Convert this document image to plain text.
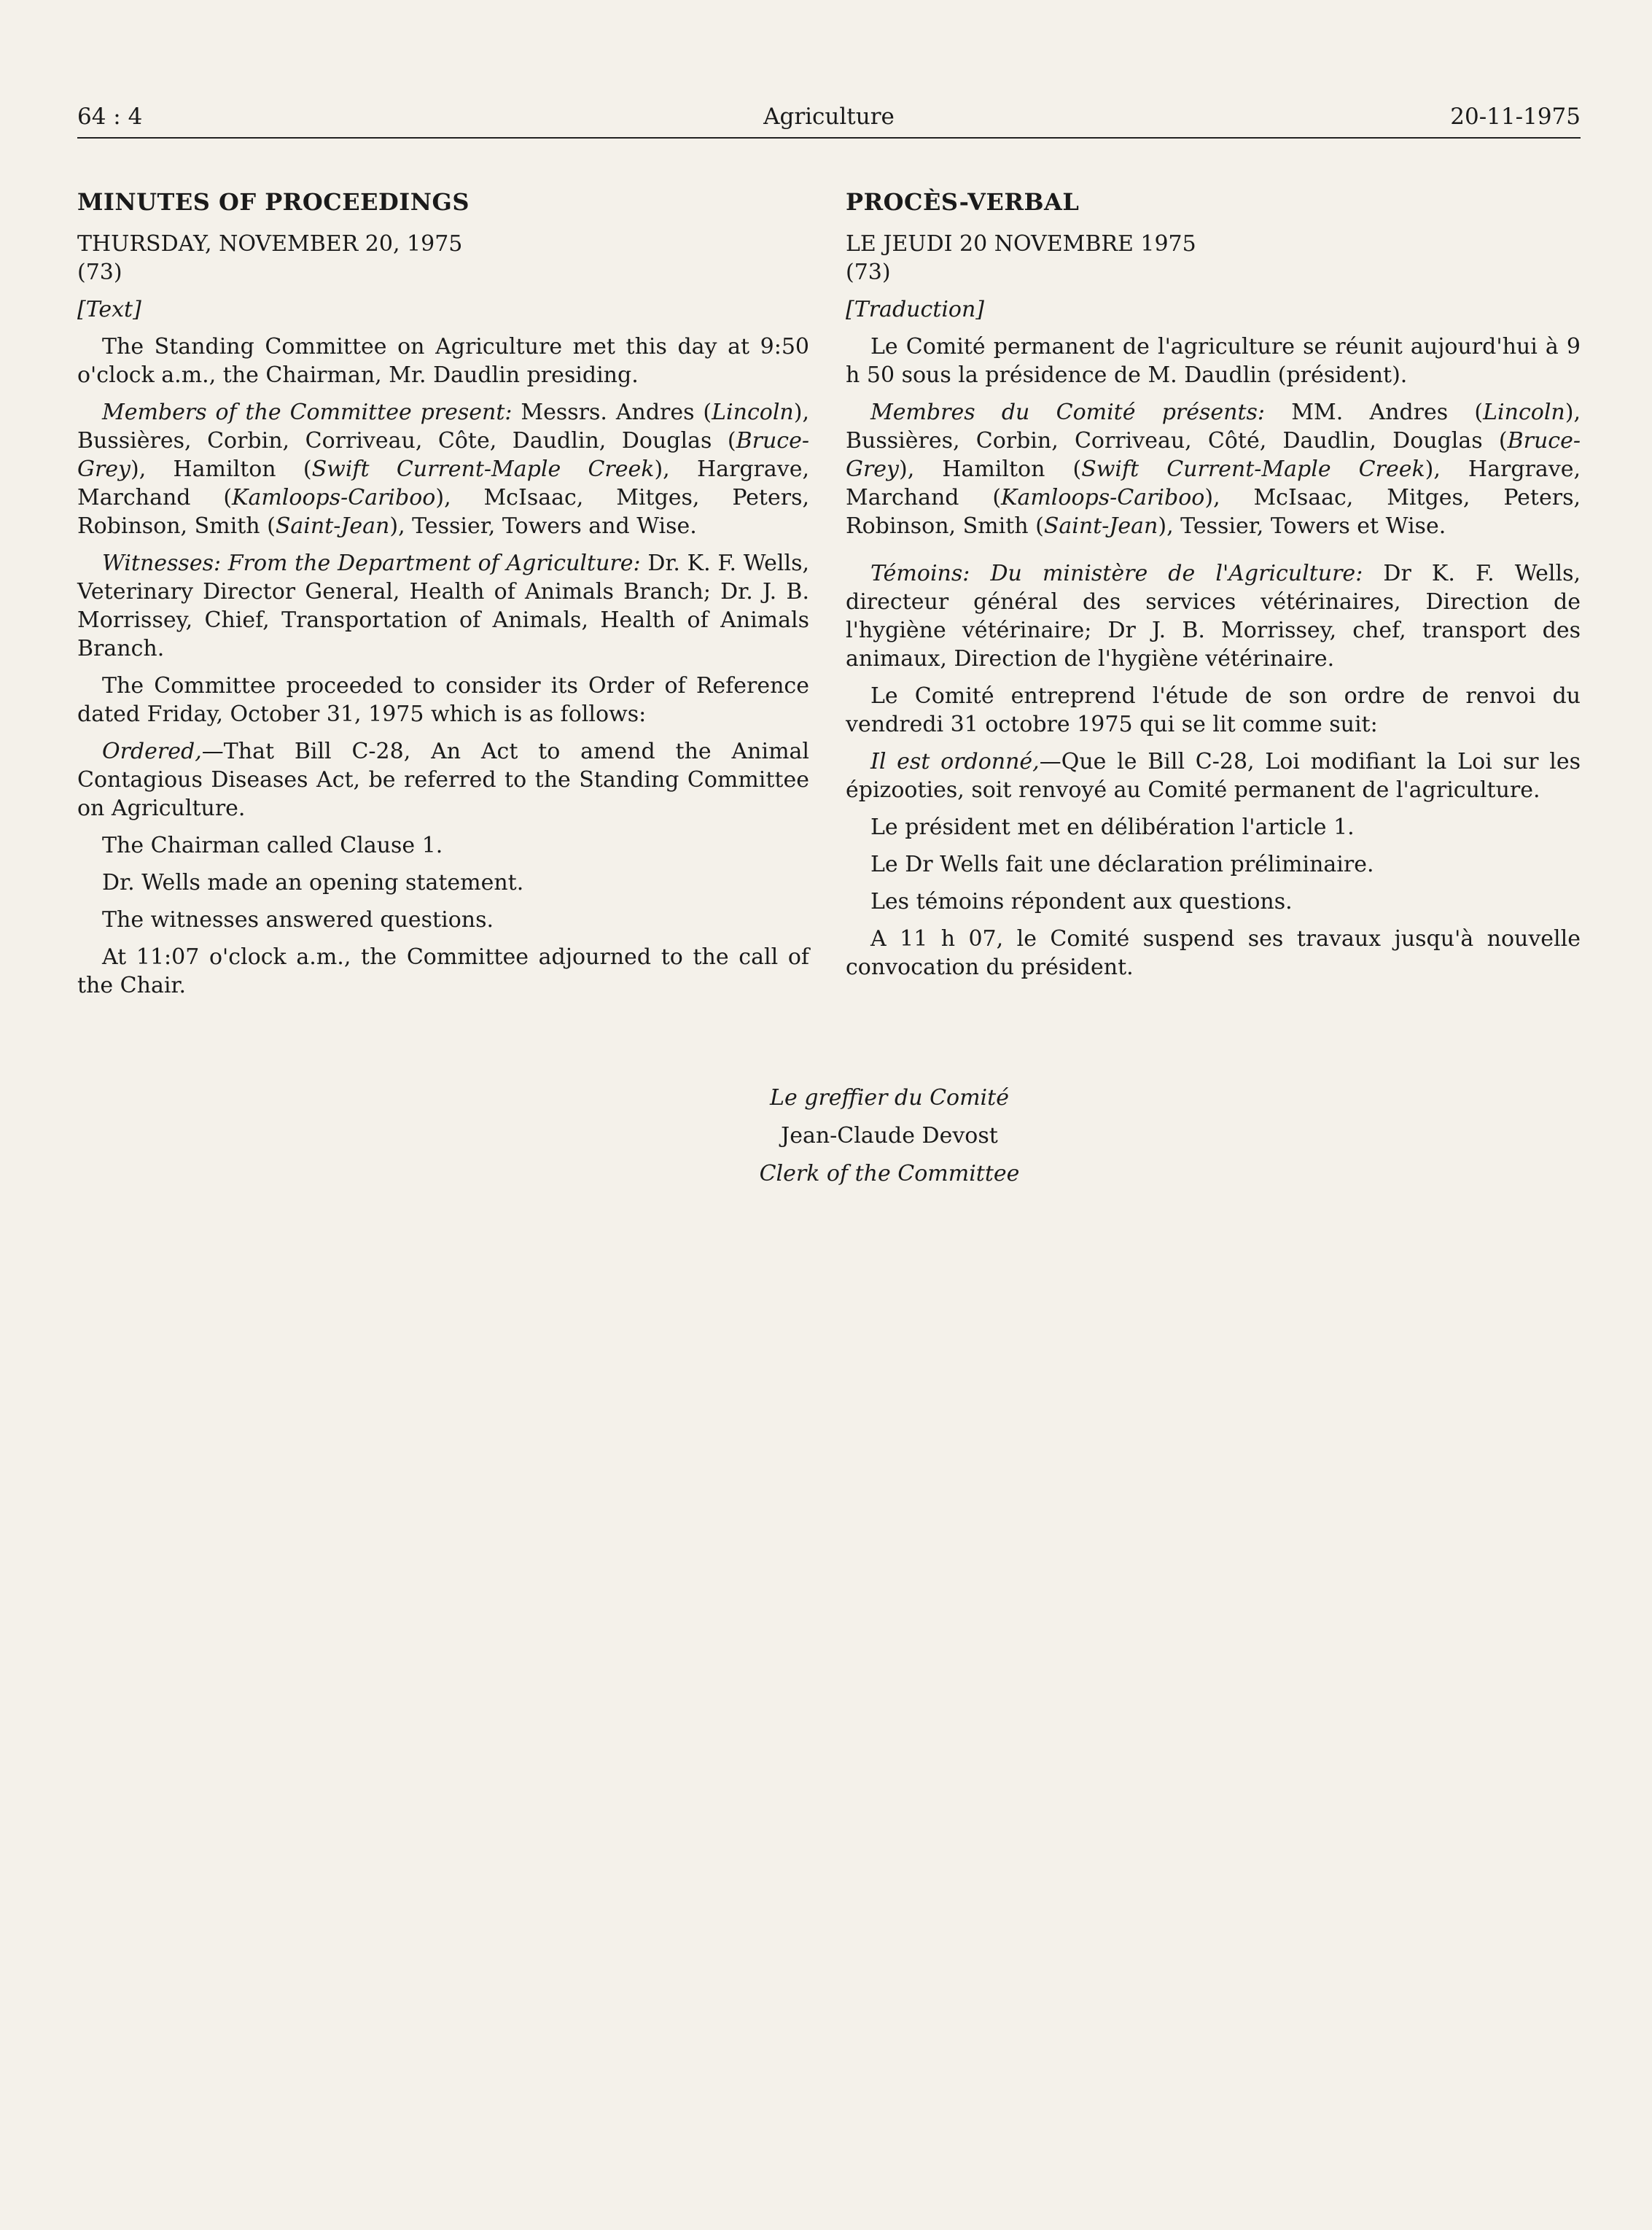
64 : 4	Agriculture	20-11-1975
MINUTES OF PROCEEDINGS
THURSDAY, NOVEMBER 20, 1975
(73)
[Text]

The Standing Committee on Agriculture met this day at 9:50 o'clock a.m., the Chairman, Mr. Daudlin presiding.

Members of the Committee present: Messrs. Andres (Lincoln), Bussières, Corbin, Corriveau, Côte, Daudlin, Douglas (Bruce-Grey), Hamilton (Swift Current-Maple Creek), Hargrave, Marchand (Kamloops-Cariboo), McIsaac, Mitges, Peters, Robinson, Smith (Saint-Jean), Tessier, Towers and Wise.

Witnesses: From the Department of Agriculture: Dr. K. F. Wells, Veterinary Director General, Health of Animals Branch; Dr. J. B. Morrissey, Chief, Transportation of Animals, Health of Animals Branch.

The Committee proceeded to consider its Order of Reference dated Friday, October 31, 1975 which is as follows:

Ordered,—That Bill C-28, An Act to amend the Animal Contagious Diseases Act, be referred to the Standing Committee on Agriculture.

The Chairman called Clause 1.

Dr. Wells made an opening statement.

The witnesses answered questions.

At 11:07 o'clock a.m., the Committee adjourned to the call of the Chair.

PROCÈS-VERBAL
LE JEUDI 20 NOVEMBRE 1975
(73)
[Traduction]

Le Comité permanent de l'agriculture se réunit aujourd'hui à 9 h 50 sous la présidence de M. Daudlin (président).

Membres du Comité présents: MM. Andres (Lincoln), Bussières, Corbin, Corriveau, Côté, Daudlin, Douglas (Bruce-Grey), Hamilton (Swift Current-Maple Creek), Hargrave, Marchand (Kamloops-Cariboo), McIsaac, Mitges, Peters, Robinson, Smith (Saint-Jean), Tessier, Towers et Wise.

Témoins: Du ministère de l'Agriculture: Dr K. F. Wells, directeur général des services vétérinaires, Direction de l'hygiène vétérinaire; Dr J. B. Morrissey, chef, transport des animaux, Direction de l'hygiène vétérinaire.

Le Comité entreprend l'étude de son ordre de renvoi du vendredi 31 octobre 1975 qui se lit comme suit:

Il est ordonné,—Que le Bill C-28, Loi modifiant la Loi sur les épizooties, soit renvoyé au Comité permanent de l'agriculture.

Le président met en délibération l'article 1.

Le Dr Wells fait une déclaration préliminaire.

Les témoins répondent aux questions.

A 11 h 07, le Comité suspend ses travaux jusqu'à nouvelle convocation du président.

Le greffier du Comité
Jean-Claude Devost
Clerk of the Committee
